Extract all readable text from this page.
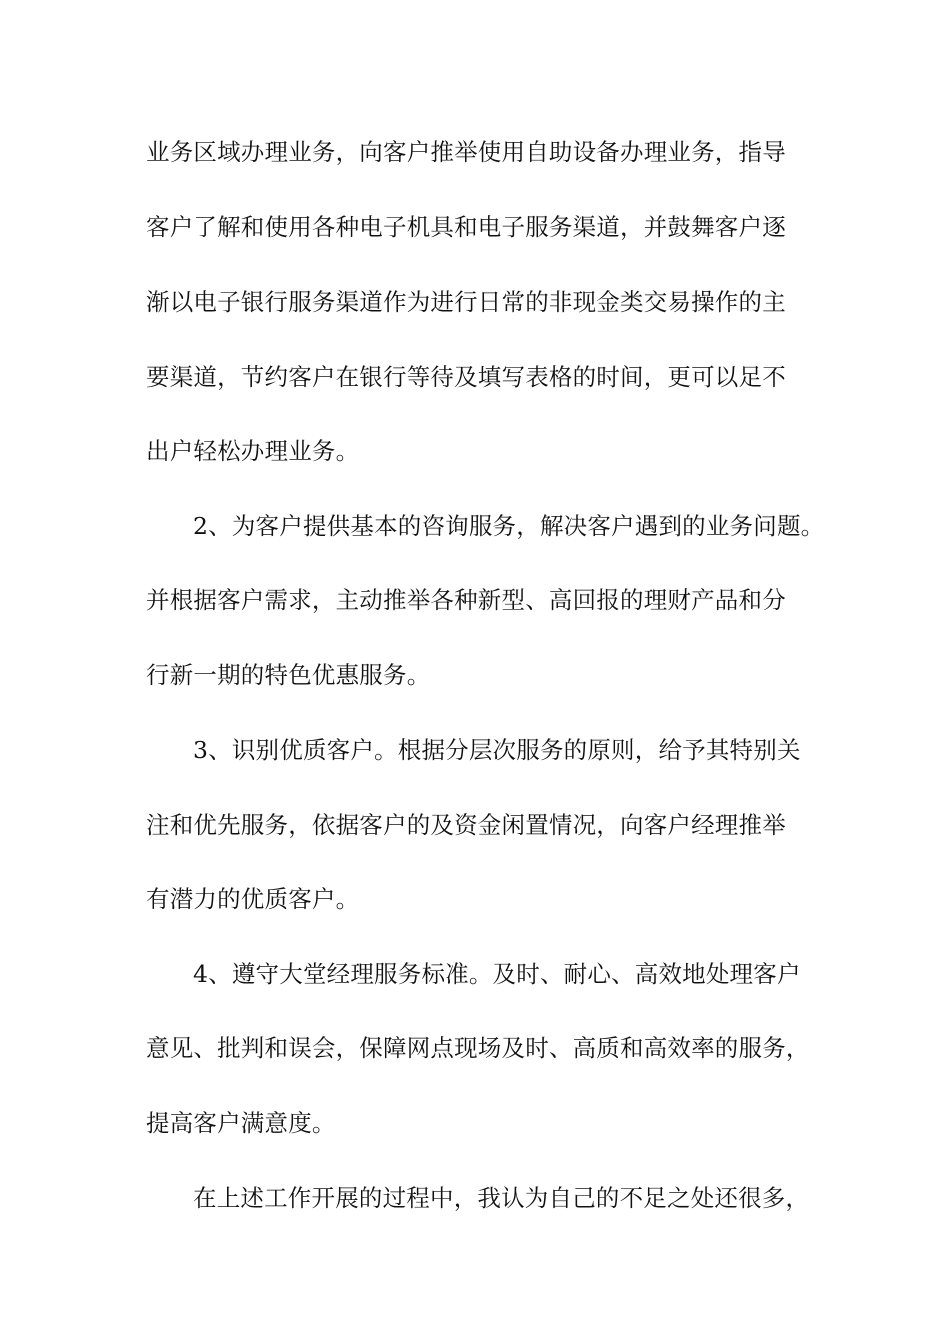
业务区域办理业务，向客户推举使用自助设备办理业务，指导
客户了解和使用各种电子机具和电子服务渠道，并鼓舞客户逐
渐以电子银行服务渠道作为进行日常的非现金类交易操作的主
要渠道，节约客户在银行等待及填写表格的时间，更可以足不
出户轻松办理业务。
2、为客户提供基本的咨询服务，解决客户遇到的业务问题。
并根据客户需求，主动推举各种新型、高回报的理财产品和分
行新一期的特色优惠服务。
3、识别优质客户。根据分层次服务的原则，给予其特别关
注和优先服务，依据客户的及资金闲置情况，向客户经理推举
有潜力的优质客户。
4、遵守大堂经理服务标准。及时、耐心、高效地处理客户
意见、批判和误会，保障网点现场及时、高质和高效率的服务，
提高客户满意度。
在上述工作开展的过程中，我认为自己的不足之处还很多，
